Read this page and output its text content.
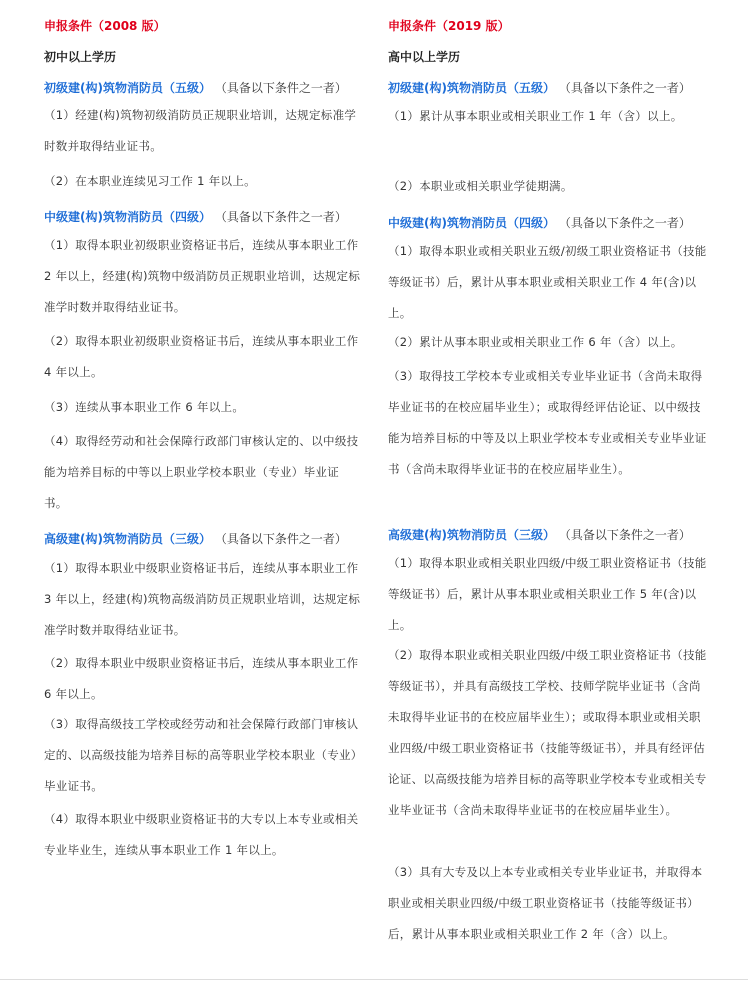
申报条件（2008 版）
初中以上学历
初级建(构)筑物消防员（五级） （具备以下条件之一者）
（1）经建(构)筑物初级消防员正规职业培训，达规定标准学时数并取得结业证书。
（2）在本职业连续见习工作 1 年以上。
中级建(构)筑物消防员（四级） （具备以下条件之一者）
（1）取得本职业初级职业资格证书后，连续从事本职业工作 2 年以上，经建(构)筑物中级消防员正规职业培训，达规定标准学时数并取得结业证书。
（2）取得本职业初级职业资格证书后，连续从事本职业工作 4 年以上。
（3）连续从事本职业工作 6 年以上。
（4）取得经劳动和社会保障行政部门审核认定的、以中级技能为培养目标的中等以上职业学校本职业（专业）毕业证书。
高级建(构)筑物消防员（三级） （具备以下条件之一者）
（1）取得本职业中级职业资格证书后，连续从事本职业工作 3 年以上，经建(构)筑物高级消防员正规职业培训，达规定标准学时数并取得结业证书。
（2）取得本职业中级职业资格证书后，连续从事本职业工作 6 年以上。
（3）取得高级技工学校或经劳动和社会保障行政部门审核认定的、以高级技能为培养目标的高等职业学校本职业（专业）毕业证书。
（4）取得本职业中级职业资格证书的大专以上本专业或相关专业毕业生，连续从事本职业工作 1 年以上。
申报条件（2019 版）
高中以上学历
初级建(构)筑物消防员（五级） （具备以下条件之一者）
（1）累计从事本职业或相关职业工作 1 年（含）以上。
（2）本职业或相关职业学徒期满。
中级建(构)筑物消防员（四级） （具备以下条件之一者）
（1）取得本职业或相关职业五级/初级工职业资格证书（技能等级证书）后，累计从事本职业或相关职业工作 4 年(含)以上。
（2）累计从事本职业或相关职业工作 6 年（含）以上。
（3）取得技工学校本专业或相关专业毕业证书（含尚未取得毕业证书的在校应届毕业生）；或取得经评估论证、以中级技能为培养目标的中等及以上职业学校本专业或相关专业毕业证书（含尚未取得毕业证书的在校应届毕业生）。
高级建(构)筑物消防员（三级） （具备以下条件之一者）
（1）取得本职业或相关职业四级/中级工职业资格证书（技能等级证书）后，累计从事本职业或相关职业工作 5 年(含)以上。
（2）取得本职业或相关职业四级/中级工职业资格证书（技能等级证书），并具有高级技工学校、技师学院毕业证书（含尚未取得毕业证书的在校应届毕业生）；或取得本职业或相关职业四级/中级工职业资格证书（技能等级证书），并具有经评估论证、以高级技能为培养目标的高等职业学校本专业或相关专业毕业证书（含尚未取得毕业证书的在校应届毕业生）。
（3）具有大专及以上本专业或相关专业毕业证书，并取得本职业或相关职业四级/中级工职业资格证书（技能等级证书）后，累计从事本职业或相关职业工作 2 年（含）以上。
